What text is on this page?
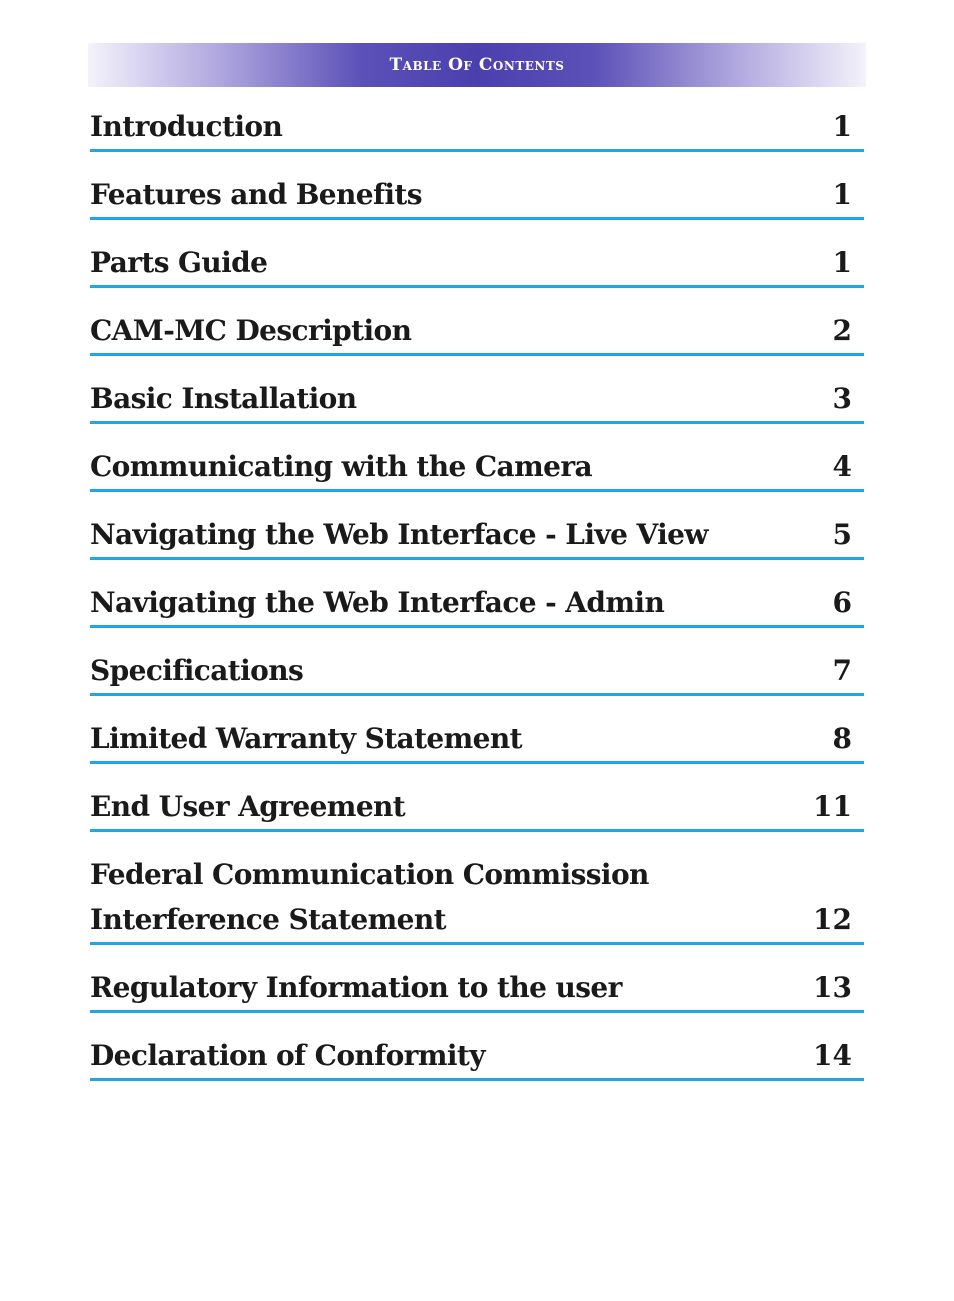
Table Of Contents
Introduction	1
Features and Benefits	1
Parts Guide	1
CAM-MC Description	2
Basic Installation	3
Communicating with the Camera	4
Navigating the Web Interface - Live View	5
Navigating the Web Interface - Admin	6
Specifications	7
Limited Warranty Statement	8
End User Agreement	11
Federal Communication Commission
Interference Statement	12
Regulatory Information to the user	13
Declaration of Conformity	14
